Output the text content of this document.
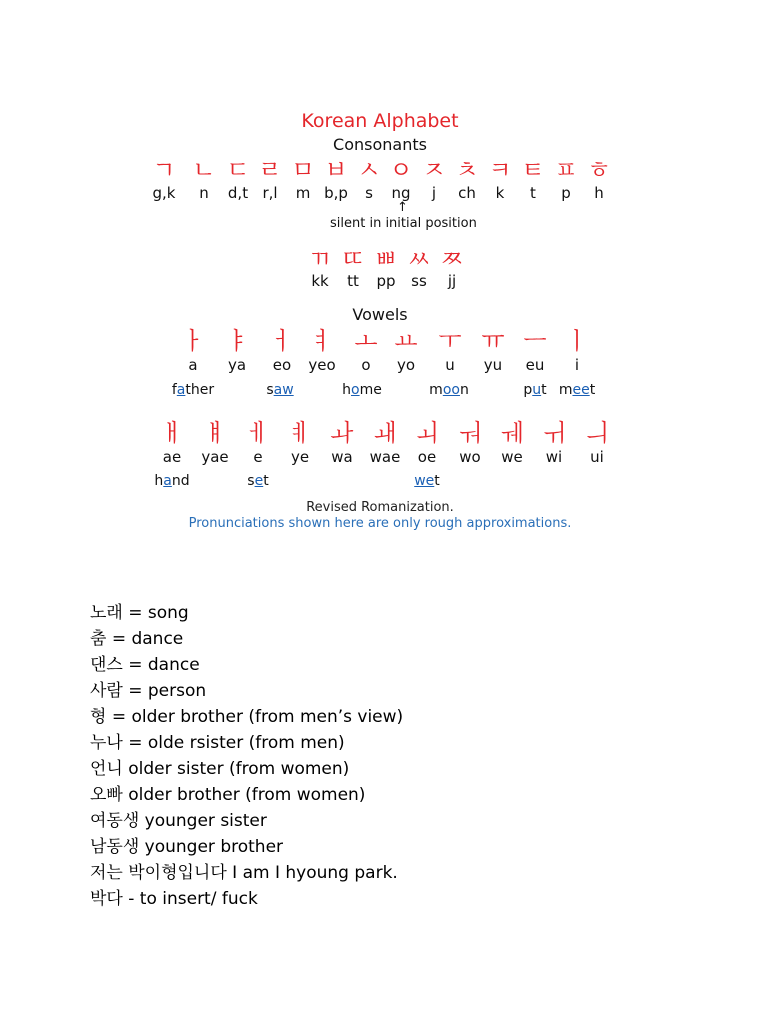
Korean Alphabet
Consonants
ㄱ ㄴ ㄷ ㄹ ㅁ ㅂ ㅅ ㅇ ㅈ ㅊ ㅋ ㅌ ㅍ ㅎ
g,k n d,t r,l m b,p s ng j ch k t p h
↑
silent in initial position
ㄲ ㄸ ㅃ ㅆ ㅉ
kk tt pp ss jj
Vowels
ㅏ ㅑ ㅓ ㅕ ㅗ ㅛ ㅜ ㅠ ㅡ ㅣ
a ya eo yeo o yo u yu eu i
father	saw	home	moon	put meet
ㅐ ㅒ ㅔ ㅖ ㅘ ㅙ ㅚ ㅝ ㅞ ㅟ ㅢ
ae yae e ye wa wae oe wo we wi ui
hand	set	wet
Revised Romanization.
Pronunciations shown here are only rough approximations.
노래 = song
춤 = dance
댄스 = dance
사람 = person
형 = older brother (from men’s view)
누나 = olde rsister (from men)
언니 older sister (from women)
오빠 older brother (from women)
여동생 younger sister
남동생 younger brother
저는 박이형입니다 I am I hyoung park.
박다 - to insert/ fuck
